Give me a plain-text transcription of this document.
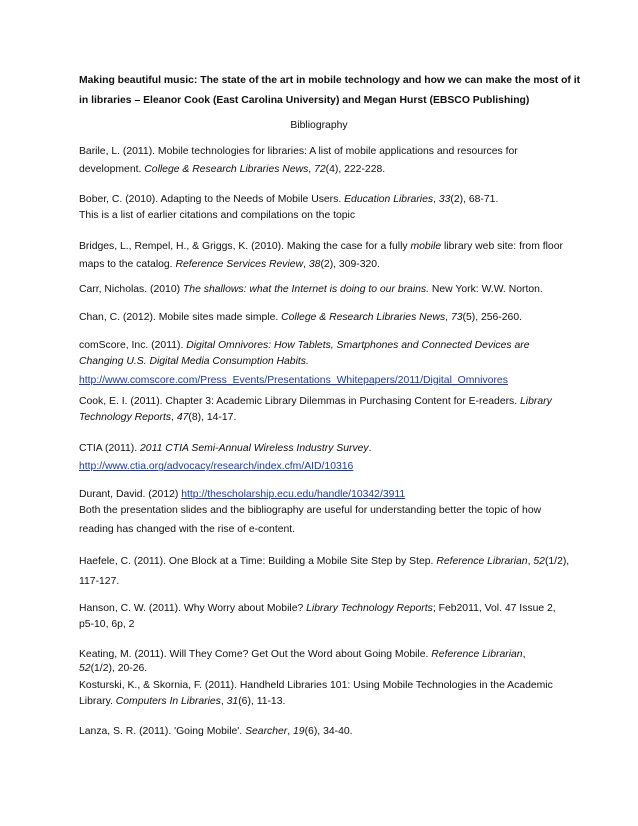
Making beautiful music: The state of the art in mobile technology and how we can make the most of it
in libraries – Eleanor Cook (East Carolina University) and Megan Hurst (EBSCO Publishing)
Bibliography
Barile, L. (2011). Mobile technologies for libraries: A list of mobile applications and resources for
development. College & Research Libraries News, 72(4), 222-228.
Bober, C. (2010). Adapting to the Needs of Mobile Users. Education Libraries, 33(2), 68-71.
This is a list of earlier citations and compilations on the topic
Bridges, L., Rempel, H., & Griggs, K. (2010). Making the case for a fully mobile library web site: from floor
maps to the catalog. Reference Services Review, 38(2), 309-320.
Carr, Nicholas. (2010) The shallows: what the Internet is doing to our brains. New York: W.W. Norton.
Chan, C. (2012). Mobile sites made simple. College & Research Libraries News, 73(5), 256-260.
comScore, Inc. (2011). Digital Omnivores: How Tablets, Smartphones and Connected Devices are
Changing U.S. Digital Media Consumption Habits.
http://www.comscore.com/Press_Events/Presentations_Whitepapers/2011/Digital_Omnivores
Cook, E. I. (2011). Chapter 3: Academic Library Dilemmas in Purchasing Content for E-readers. Library
Technology Reports, 47(8), 14-17.
CTIA (2011). 2011 CTIA Semi-Annual Wireless Industry Survey.
http://www.ctia.org/advocacy/research/index.cfm/AID/10316
Durant, David. (2012) http://thescholarship.ecu.edu/handle/10342/3911
Both the presentation slides and the bibliography are useful for understanding better the topic of how
reading has changed with the rise of e-content.
Haefele, C. (2011). One Block at a Time: Building a Mobile Site Step by Step. Reference Librarian, 52(1/2),
117-127.
Hanson, C. W. (2011). Why Worry about Mobile? Library Technology Reports; Feb2011, Vol. 47 Issue 2,
p5-10, 6p, 2
Keating, M. (2011). Will They Come? Get Out the Word about Going Mobile. Reference Librarian,
52(1/2), 20-26.
Kosturski, K., & Skornia, F. (2011). Handheld Libraries 101: Using Mobile Technologies in the Academic
Library. Computers In Libraries, 31(6), 11-13.
Lanza, S. R. (2011). 'Going Mobile'. Searcher, 19(6), 34-40.
